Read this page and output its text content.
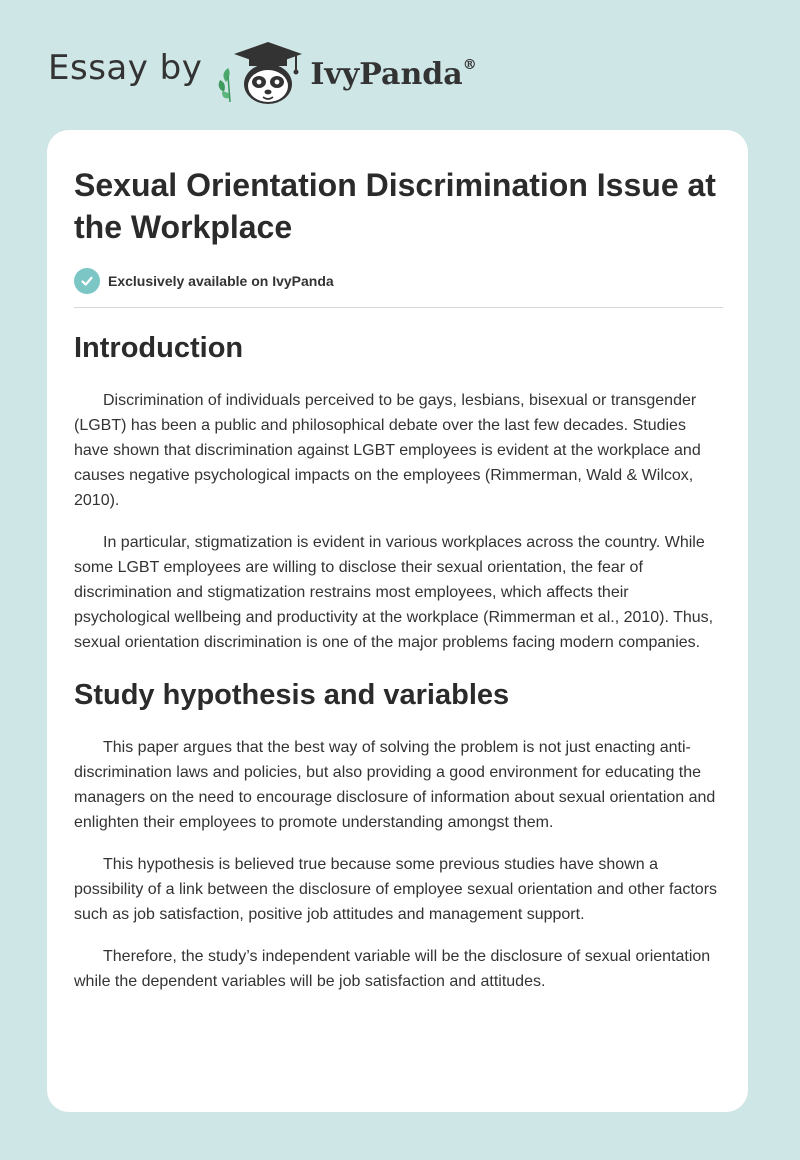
Essay by	IvyPanda®
Sexual Orientation Discrimination Issue at the Workplace
Exclusively available on IvyPanda
Introduction

Discrimination of individuals perceived to be gays, lesbians, bisexual or transgender (LGBT) has been a public and philosophical debate over the last few decades. Studies have shown that discrimination against LGBT employees is evident at the workplace and causes negative psychological impacts on the employees (Rimmerman, Wald & Wilcox, 2010).

In particular, stigmatization is evident in various workplaces across the country. While some LGBT employees are willing to disclose their sexual orientation, the fear of discrimination and stigmatization restrains most employees, which affects their psychological wellbeing and productivity at the workplace (Rimmerman et al., 2010). Thus, sexual orientation discrimination is one of the major problems facing modern companies.

Study hypothesis and variables

This paper argues that the best way of solving the problem is not just enacting anti-discrimination laws and policies, but also providing a good environment for educating the managers on the need to encourage disclosure of information about sexual orientation and enlighten their employees to promote understanding amongst them.

This hypothesis is believed true because some previous studies have shown a possibility of a link between the disclosure of employee sexual orientation and other factors such as job satisfaction, positive job attitudes and management support.

Therefore, the study’s independent variable will be the disclosure of sexual orientation while the dependent variables will be job satisfaction and attitudes.
